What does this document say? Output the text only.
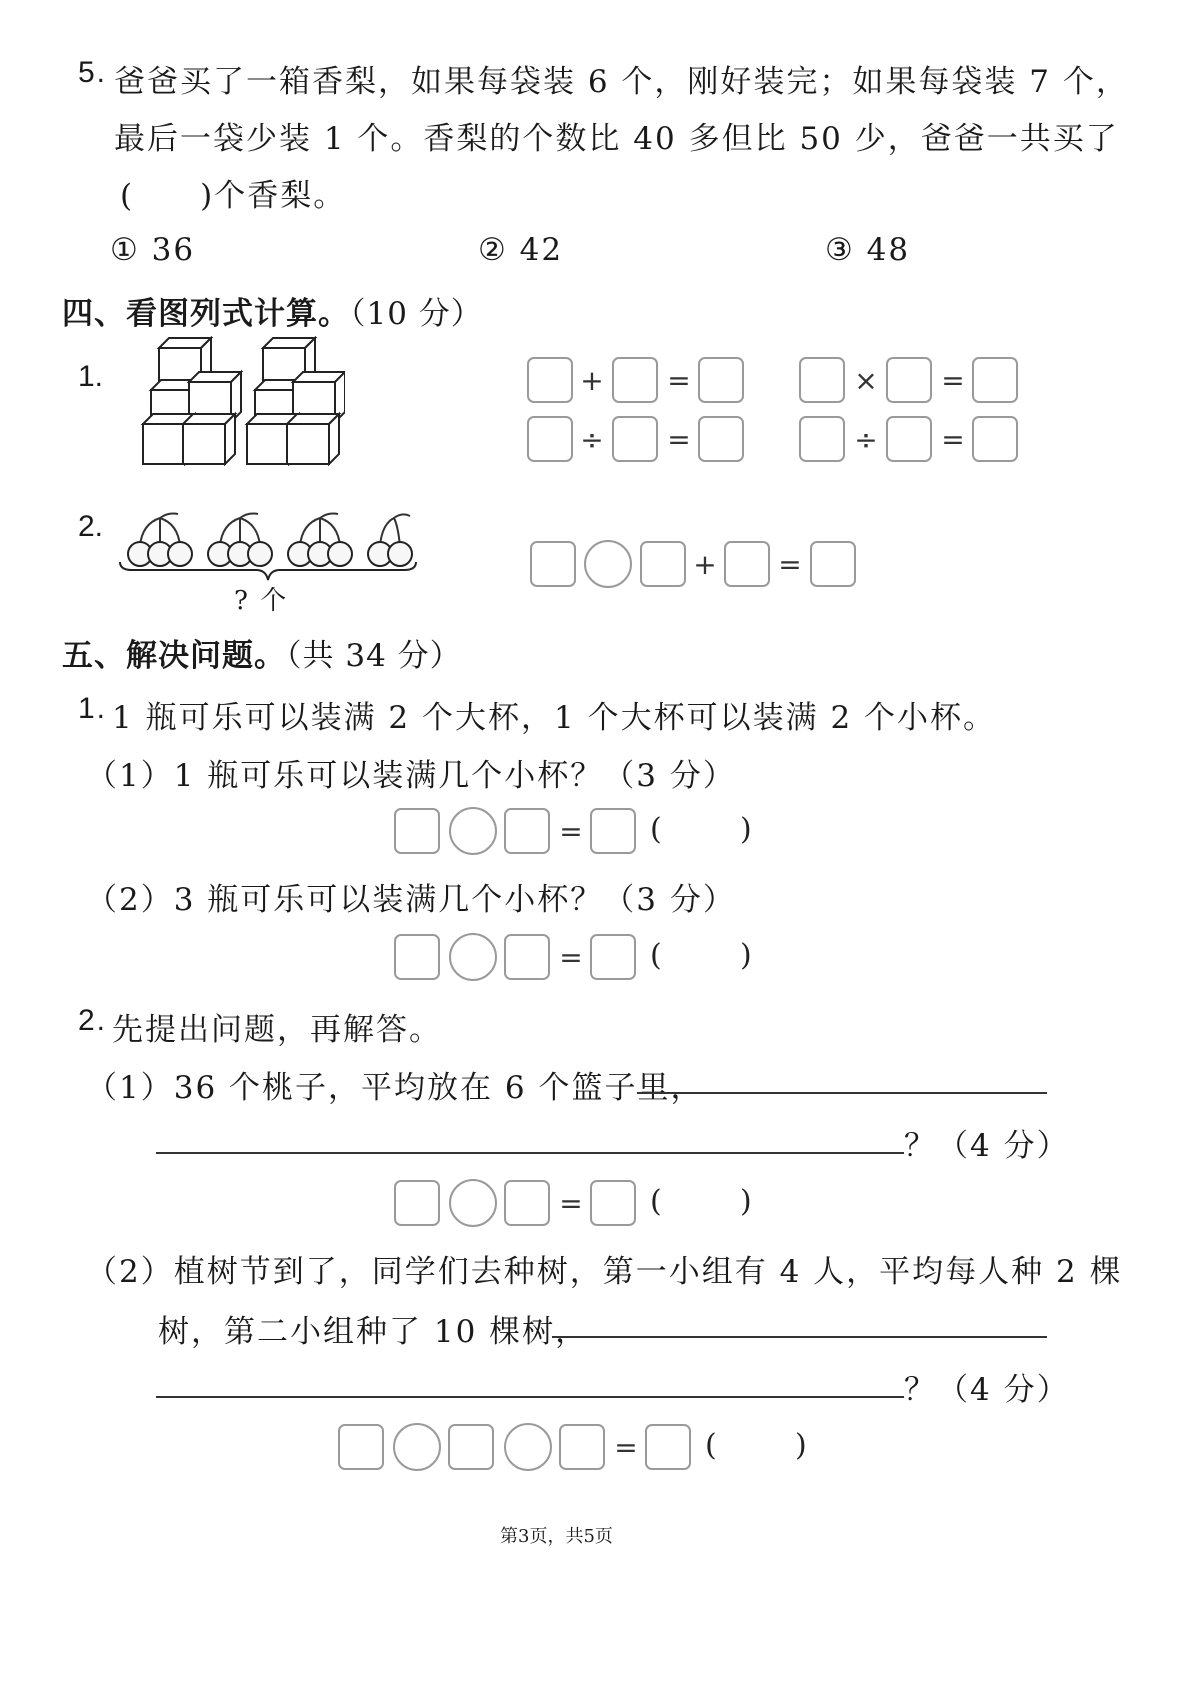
5. 爸爸买了一箱香梨，如果每袋装 6 个，刚好装完；如果每袋装 7 个，
最后一袋少装 1 个。香梨的个数比 40 多但比 50 少，爸爸一共买了
(　　)个香梨。
① 36	② 42	③ 48
四、看图列式计算。（10 分）
1.	+ =	× =
÷ =	÷ =
2.
? 个
+ =
五、解决问题。（共 34 分）
1. 1 瓶可乐可以装满 2 个大杯，1 个大杯可以装满 2 个小杯。
（1）1 瓶可乐可以装满几个小杯？（3 分）
= (	)
（2）3 瓶可乐可以装满几个小杯？（3 分）
= (	)
2. 先提出问题，再解答。
（1）36 个桃子，平均放在 6 个篮子里，
？（4 分）
= (	)
（2）植树节到了，同学们去种树，第一小组有 4 人，平均每人种 2 棵
树，第二小组种了 10 棵树，
？（4 分）
= (	)
第3页，共5页
